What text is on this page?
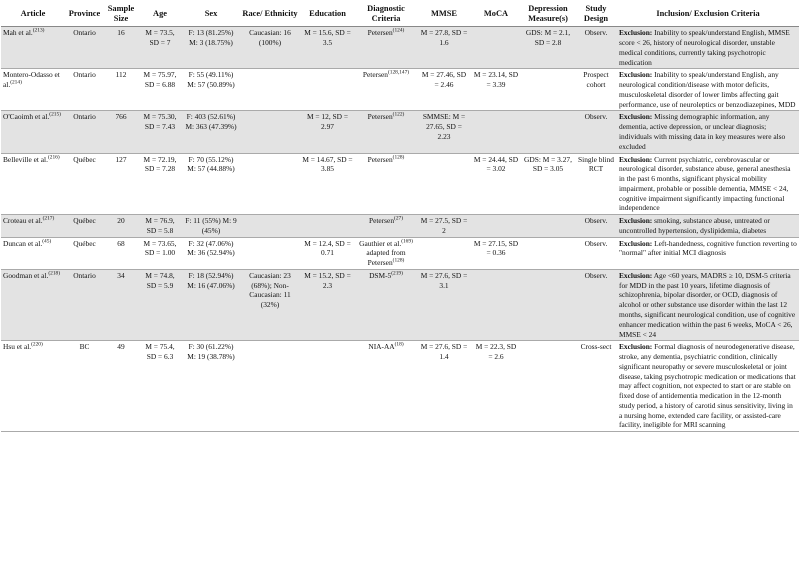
Article	Province	Sample Size	Age	Sex	Race/ Ethnicity	Education	Diagnostic Criteria	MMSE	MoCA	Depression Measure(s)	Study Design	Inclusion/ Exclusion Criteria
Mah et al.$^{(213)}$	Ontario	16	M = 73.5, SD = 7	F: 13 (81.25%) M: 3 (18.75%)	Caucasian: 16 (100%)	M = 15.6, SD = 3.5	Petersen$^{(124)}$	M = 27.8, SD = 1.6		GDS: M = 2.1, SD = 2.8	Observ.	Exclusion: Inability to speak/understand English, MMSE score < 26, history of neurological disorder, unstable medical conditions, currently taking psychotropic medication
Montero-Odasso et al.$^{(214)}$	Ontario	112	M = 75.97, SD = 6.88	F: 55 (49.11%) M: 57 (50.89%)			Petersen$^{(128,147)}$	M = 27.46, SD = 2.46	M = 23.14, SD = 3.39		Prospect cohort	Exclusion: Inability to speak/understand English, any neurological condition/disease with motor deficits, musculoskeletal disorder of lower limbs affecting gait performance, use of neuroleptics or benzodiazepines, MDD
O'Caoimh et al.$^{(215)}$	Ontario	766	M = 75.30, SD = 7.43	F: 403 (52.61%) M: 363 (47.39%)		M = 12, SD = 2.97	Petersen$^{(122)}$	SMMSE: M = 27.65, SD = 2.23			Observ.	Exclusion: Missing demographic information, any dementia, active depression, or unclear diagnosis; individuals with missing data in key measures were also excluded
Belleville et al.$^{(216)}$	Québec	127	M = 72.19, SD = 7.28	F: 70 (55.12%) M: 57 (44.88%)		M = 14.67, SD = 3.85	Petersen$^{(128)}$		M = 24.44, SD = 3.02	GDS: M = 3.27, SD = 3.05	Single blind RCT	Exclusion: Current psychiatric, cerebrovascular or neurological disorder, substance abuse, general anesthesia in the past 6 months, significant physical mobility impairment, probable or possible dementia, MMSE < 24, cognitive impairment significantly impacting functional independence
Croteau et al.$^{(217)}$	Québec	20	M = 76.9, SD = 5.8	F: 11 (55%) M: 9 (45%)			Petersen$^{(27)}$	M = 27.5, SD = 2			Observ.	Exclusion: smoking, substance abuse, untreated or uncontrolled hypertension, dyslipidemia, diabetes
Duncan et al.$^{(45)}$	Québec	68	M = 73.65, SD = 1.00	F: 32 (47.06%) M: 36 (52.94%)		M = 12.4, SD = 0.71	Gauthier et al.$^{(169)}$ adapted from Petersen$^{(128)}$		M = 27.15, SD = 0.36		Observ.	Exclusion: Left-handedness, cognitive function reverting to "normal" after initial MCI diagnosis
Goodman et al.$^{(218)}$	Ontario	34	M = 74.8, SD = 5.9	F: 18 (52.94%) M: 16 (47.06%)	Caucasian: 23 (68%); Non-Caucasian: 11 (32%)	M = 15.2, SD = 2.3	DSM-5$^{(219)}$	M = 27.6, SD = 3.1			Observ.	Exclusion: Age <60 years, MADRS ≥ 10, DSM-5 criteria for MDD in the past 10 years, lifetime diagnosis of schizophrenia, bipolar disorder, or OCD, diagnosis of alcohol or other substance use disorder within the last 12 months, significant neurological condition, use of cognitive enhancer medication within the past 6 weeks, MoCA < 26, MMSE < 24
Hsu et al.$^{(220)}$	BC	49	M = 75.4, SD = 6.3	F: 30 (61.22%) M: 19 (38.78%)			NIA-AA$^{(18)}$	M = 27.6, SD = 1.4	M = 22.3, SD = 2.6		Cross-sect	Exclusion: Formal diagnosis of neurodegenerative disease, stroke, any dementia, psychiatric condition, clinically significant neuropathy or severe musculoskeletal or joint disease, taking psychotropic medication or medications that may affect cognition, not expected to start or are stable on fixed dose of antidementia medication in the 12-month study period, a history of carotid sinus sensitivity, living in a nursing home, extended care facility, or assisted-care facility, ineligible for MRI scanning
